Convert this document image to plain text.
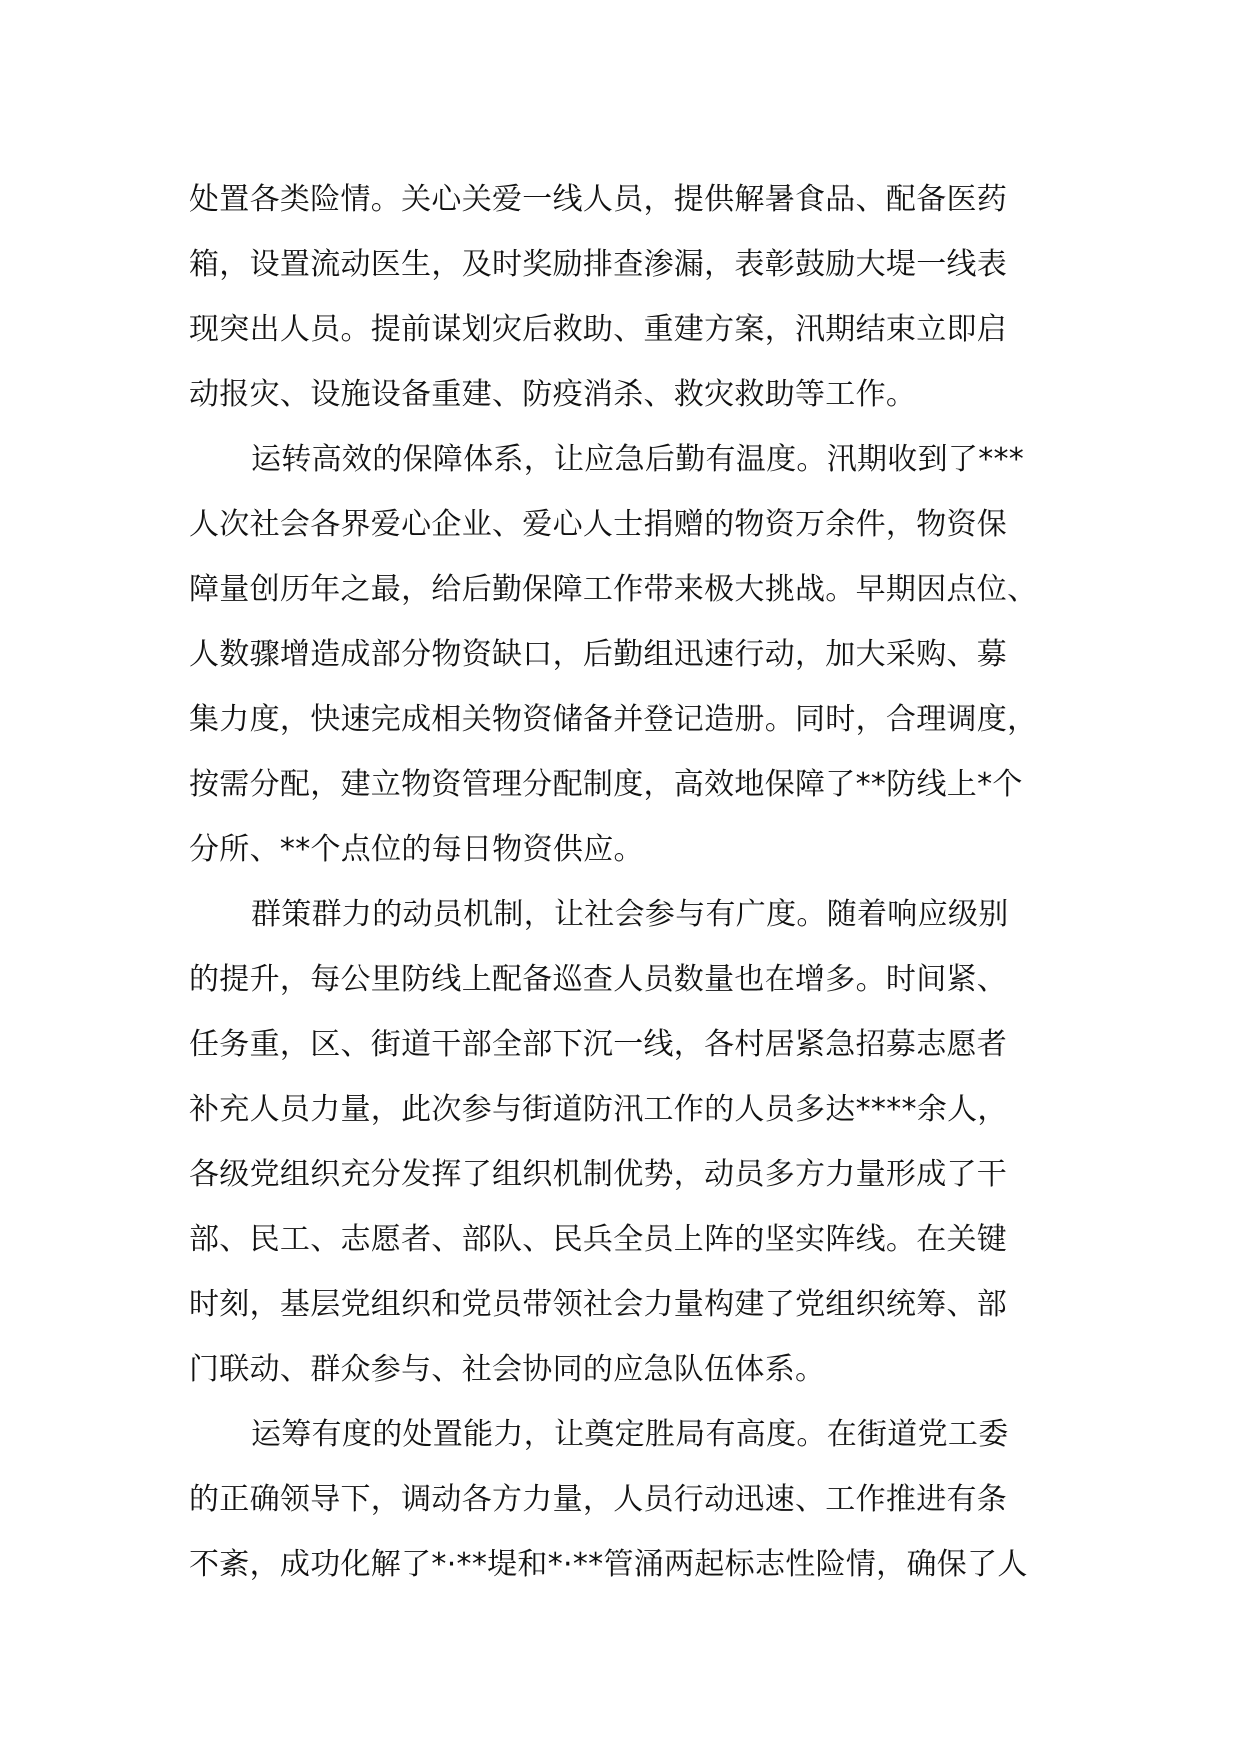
处置各类险情。关心关爱一线人员，提供解暑食品、配备医药
箱，设置流动医生，及时奖励排查渗漏，表彰鼓励大堤一线表
现突出人员。提前谋划灾后救助、重建方案，汛期结束立即启
动报灾、设施设备重建、防疫消杀、救灾救助等工作。
运转高效的保障体系，让应急后勤有温度。汛期收到了***
人次社会各界爱心企业、爱心人士捐赠的物资万余件，物资保
障量创历年之最，给后勤保障工作带来极大挑战。早期因点位、
人数骤增造成部分物资缺口，后勤组迅速行动，加大采购、募
集力度，快速完成相关物资储备并登记造册。同时，合理调度，
按需分配，建立物资管理分配制度，高效地保障了**防线上*个
分所、**个点位的每日物资供应。
群策群力的动员机制，让社会参与有广度。随着响应级别
的提升，每公里防线上配备巡查人员数量也在增多。时间紧、
任务重，区、街道干部全部下沉一线，各村居紧急招募志愿者
补充人员力量，此次参与街道防汛工作的人员多达****余人，
各级党组织充分发挥了组织机制优势，动员多方力量形成了干
部、民工、志愿者、部队、民兵全员上阵的坚实阵线。在关键
时刻，基层党组织和党员带领社会力量构建了党组织统筹、部
门联动、群众参与、社会协同的应急队伍体系。
运筹有度的处置能力，让奠定胜局有高度。在街道党工委
的正确领导下，调动各方力量，人员行动迅速、工作推进有条
不紊，成功化解了*·**堤和*·**管涌两起标志性险情，确保了人
